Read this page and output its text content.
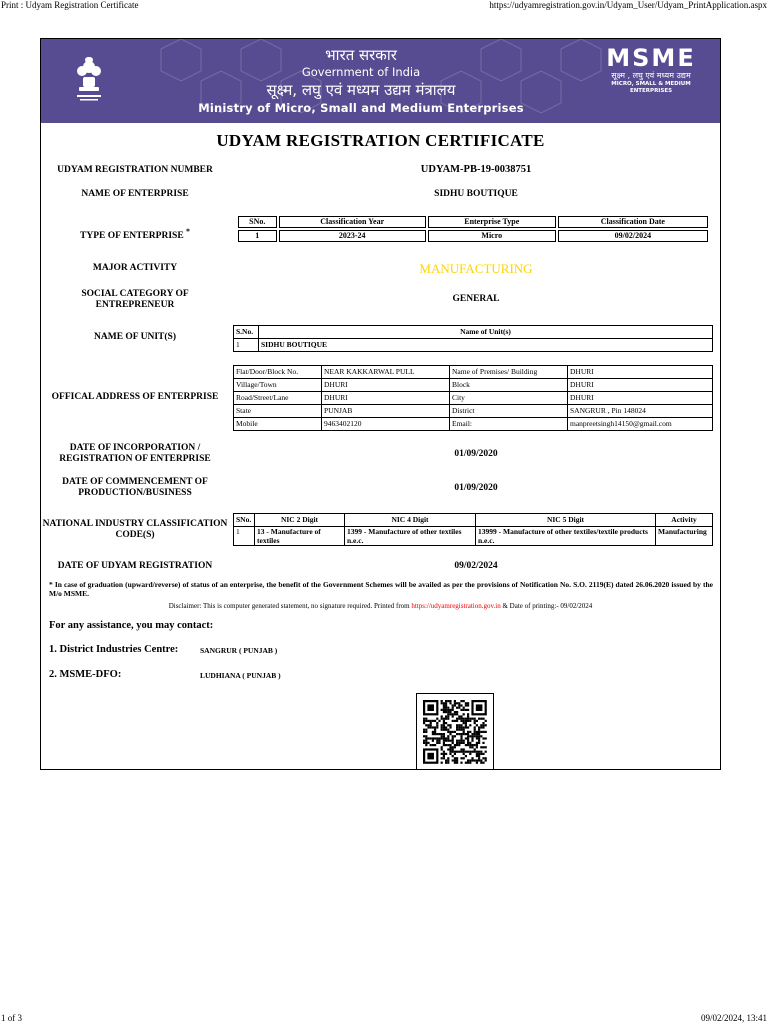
Print : Udyam Registration Certificate	https://udyamregistration.gov.in/Udyam_User/Udyam_PrintApplication.aspx
भारत सरकार
Government of India
सूक्ष्म, लघु एवं मध्यम उद्यम मंत्रालय
Ministry of Micro, Small and Medium Enterprises
MSME
सूक्ष्म , लघु एवं मध्यम उद्यम
MICRO, SMALL & MEDIUM ENTERPRISES
UDYAM REGISTRATION CERTIFICATE
UDYAM REGISTRATION NUMBER	UDYAM-PB-19-0038751
NAME OF ENTERPRISE	SIDHU BOUTIQUE
TYPE OF ENTERPRISE *
SNo.	Classification Year	Enterprise Type	Classification Date
1	2023-24	Micro	09/02/2024
MAJOR ACTIVITY	MANUFACTURING
SOCIAL CATEGORY OF ENTREPRENEUR
GENERAL
NAME OF UNIT(S)
S.No.	Name of Unit(s)
1	SIDHU BOUTIQUE
OFFICAL ADDRESS OF ENTERPRISE
Flat/Door/Block No.	NEAR KAKKARWAL PULL	Name of Premises/ Building	DHURI
Village/Town	DHURI	Block	DHURI
Road/Street/Lane	DHURI	City	DHURI
State	PUNJAB	District	SANGRUR , Pin 148024
Mobile	9463402120	Email:	manpreetsingh14150@gmail.com
DATE OF INCORPORATION / REGISTRATION OF ENTERPRISE	01/09/2020
DATE OF COMMENCEMENT OF PRODUCTION/BUSINESS	01/09/2020
NATIONAL INDUSTRY CLASSIFICATION CODE(S)
SNo.	NIC 2 Digit	NIC 4 Digit	NIC 5 Digit	Activity
1	13 - Manufacture of textiles	1399 - Manufacture of other textiles n.e.c.	13999 - Manufacture of other textiles/textile products n.e.c.	Manufacturing
DATE OF UDYAM REGISTRATION	09/02/2024
* In case of graduation (upward/reverse) of status of an enterprise, the benefit of the Government Schemes will be availed as per the provisions of Notification No. S.O. 2119(E) dated 26.06.2020 issued by the M/o MSME.
Disclaimer: This is computer generated statement, no signature required. Printed from https://udyamregistration.gov.in & Date of printing:- 09/02/2024
For any assistance, you may contact:
1. District Industries Centre:	SANGRUR ( PUNJAB )
2. MSME-DFO:	LUDHIANA ( PUNJAB )
1 of 3	09/02/2024, 13:41
